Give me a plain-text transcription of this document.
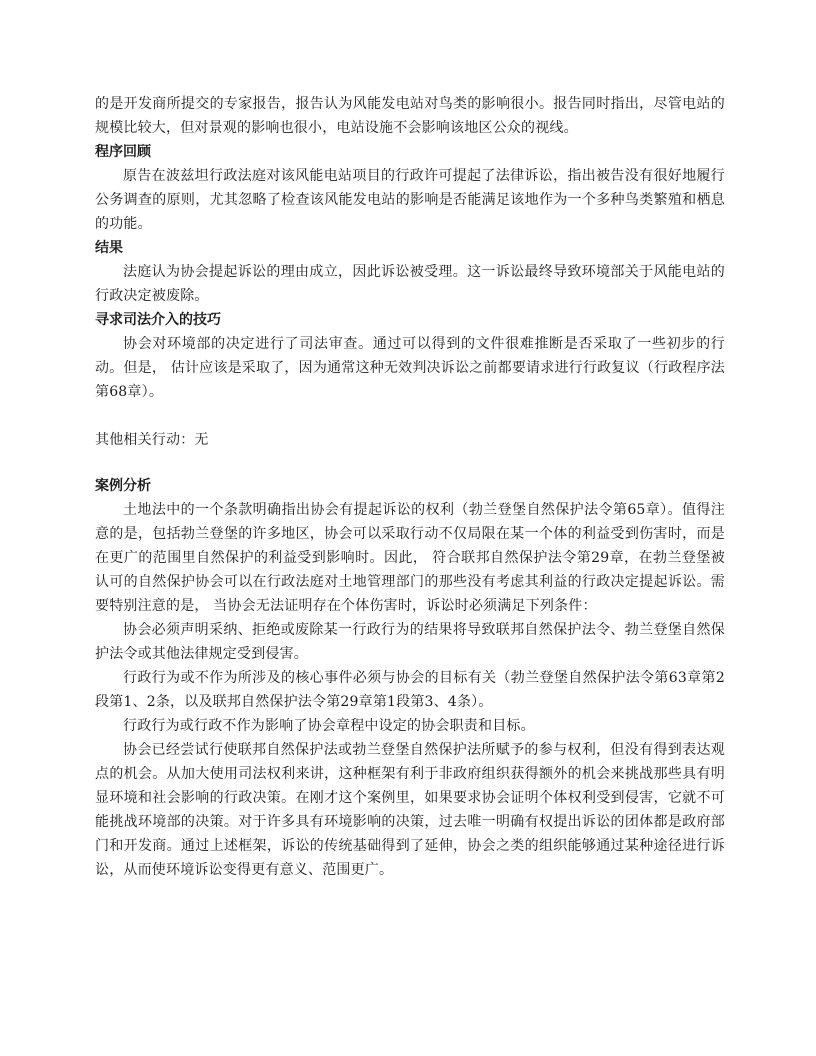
的是开发商所提交的专家报告，报告认为风能发电站对鸟类的影响很小。报告同时指出，尽管电站的规模比较大，但对景观的影响也很小，电站设施不会影响该地区公众的视线。

程序回顾

原告在波兹坦行政法庭对该风能电站项目的行政许可提起了法律诉讼，指出被告没有很好地履行公务调查的原则，尤其忽略了检查该风能发电站的影响是否能满足该地作为一个多种鸟类繁殖和栖息的功能。

结果

法庭认为协会提起诉讼的理由成立，因此诉讼被受理。这一诉讼最终导致环境部关于风能电站的行政决定被废除。

寻求司法介入的技巧

协会对环境部的决定进行了司法审查。通过可以得到的文件很难推断是否采取了一些初步的行动。但是， 估计应该是采取了，因为通常这种无效判决诉讼之前都要请求进行行政复议（行政程序法第68章）。

其他相关行动：无

案例分析

土地法中的一个条款明确指出协会有提起诉讼的权利（勃兰登堡自然保护法令第65章）。值得注意的是，包括勃兰登堡的许多地区，协会可以采取行动不仅局限在某一个体的利益受到伤害时，而是在更广的范围里自然保护的利益受到影响时。因此， 符合联邦自然保护法令第29章，在勃兰登堡被认可的自然保护协会可以在行政法庭对土地管理部门的那些没有考虑其利益的行政决定提起诉讼。需要特别注意的是， 当协会无法证明存在个体伤害时，诉讼时必须满足下列条件：

协会必须声明采纳、拒绝或废除某一行政行为的结果将导致联邦自然保护法令、勃兰登堡自然保护法令或其他法律规定受到侵害。

行政行为或不作为所涉及的核心事件必须与协会的目标有关（勃兰登堡自然保护法令第63章第2段第1、2条，以及联邦自然保护法令第29章第1段第3、4条）。

行政行为或行政不作为影响了协会章程中设定的协会职责和目标。

协会已经尝试行使联邦自然保护法或勃兰登堡自然保护法所赋予的参与权利，但没有得到表达观点的机会。从加大使用司法权利来讲，这种框架有利于非政府组织获得额外的机会来挑战那些具有明显环境和社会影响的行政决策。在刚才这个案例里，如果要求协会证明个体权利受到侵害，它就不可能挑战环境部的决策。对于许多具有环境影响的决策，过去唯一明确有权提出诉讼的团体都是政府部门和开发商。通过上述框架，诉讼的传统基础得到了延伸，协会之类的组织能够通过某种途径进行诉讼，从而使环境诉讼变得更有意义、范围更广。
